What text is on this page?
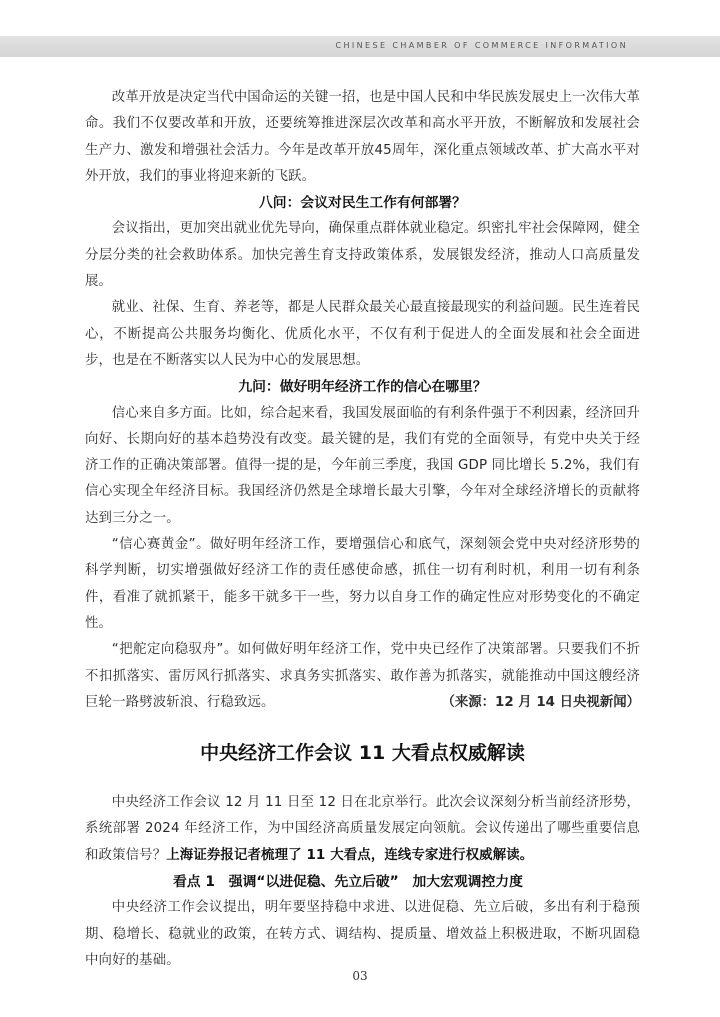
CHINESE CHAMBER OF COMMERCE INFORMATION

改革开放是决定当代中国命运的关键一招，也是中国人民和中华民族发展史上一次伟大革命。我们不仅要改革和开放，还要统筹推进深层次改革和高水平开放，不断解放和发展社会生产力、激发和增强社会活力。今年是改革开放45周年，深化重点领域改革、扩大高水平对外开放，我们的事业将迎来新的飞跃。

八问：会议对民生工作有何部署？

会议指出，更加突出就业优先导向，确保重点群体就业稳定。织密扎牢社会保障网，健全分层分类的社会救助体系。加快完善生育支持政策体系，发展银发经济，推动人口高质量发展。

就业、社保、生育、养老等，都是人民群众最关心最直接最现实的利益问题。民生连着民心，不断提高公共服务均衡化、优质化水平，不仅有利于促进人的全面发展和社会全面进步，也是在不断落实以人民为中心的发展思想。

九问：做好明年经济工作的信心在哪里？

信心来自多方面。比如，综合起来看，我国发展面临的有利条件强于不利因素，经济回升向好、长期向好的基本趋势没有改变。最关键的是，我们有党的全面领导，有党中央关于经济工作的正确决策部署。值得一提的是，今年前三季度，我国 GDP 同比增长 5.2%，我们有信心实现全年经济目标。我国经济仍然是全球增长最大引擎，今年对全球经济增长的贡献将达到三分之一。

“信心赛黄金”。做好明年经济工作，要增强信心和底气，深刻领会党中央对经济形势的科学判断，切实增强做好经济工作的责任感使命感，抓住一切有利时机，利用一切有利条件，看准了就抓紧干，能多干就多干一些，努力以自身工作的确定性应对形势变化的不确定性。

“把舵定向稳驭舟”。如何做好明年经济工作，党中央已经作了决策部署。只要我们不折不扣抓落实、雷厉风行抓落实、求真务实抓落实、敢作善为抓落实，就能推动中国这艘经济巨轮一路劈波斩浪、行稳致远。	（来源：12 月 14 日央视新闻）
中央经济工作会议 11 大看点权威解读

中央经济工作会议 12 月 11 日至 12 日在北京举行。此次会议深刻分析当前经济形势，系统部署 2024 年经济工作，为中国经济高质量发展定向领航。会议传递出了哪些重要信息和政策信号？上海证券报记者梳理了 11 大看点，连线专家进行权威解读。

看点 1　强调“以进促稳、先立后破”　加大宏观调控力度

中央经济工作会议提出，明年要坚持稳中求进、以进促稳、先立后破，多出有利于稳预期、稳增长、稳就业的政策，在转方式、调结构、提质量、增效益上积极进取，不断巩固稳中向好的基础。

03
